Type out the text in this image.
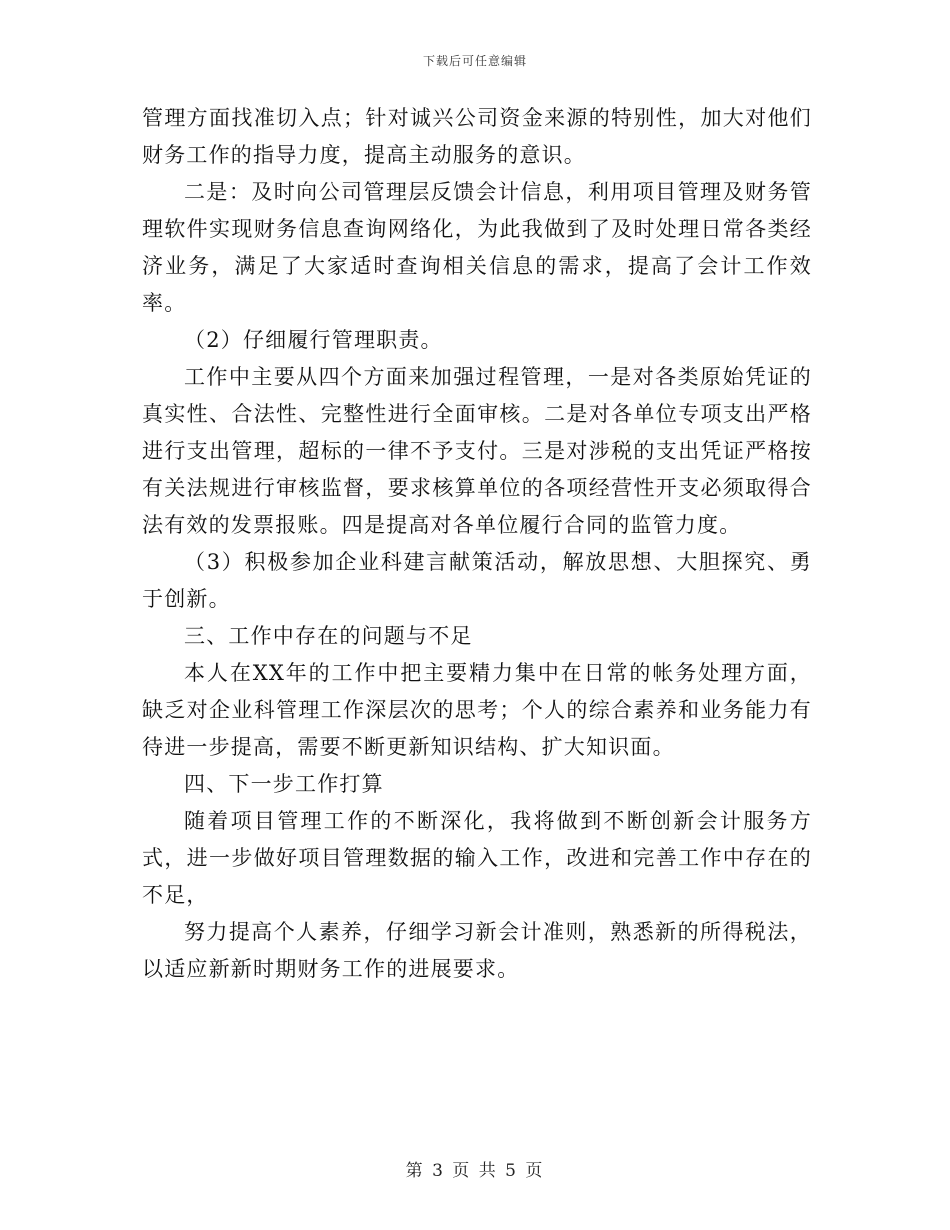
下载后可任意编辑

管理方面找准切入点；针对诚兴公司资金来源的特别性，加大对他们财务工作的指导力度，提高主动服务的意识。

二是：及时向公司管理层反馈会计信息，利用项目管理及财务管理软件实现财务信息查询网络化，为此我做到了及时处理日常各类经济业务，满足了大家适时查询相关信息的需求，提高了会计工作效率。

（2）仔细履行管理职责。

工作中主要从四个方面来加强过程管理，一是对各类原始凭证的真实性、合法性、完整性进行全面审核。二是对各单位专项支出严格进行支出管理，超标的一律不予支付。三是对涉税的支出凭证严格按有关法规进行审核监督，要求核算单位的各项经营性开支必须取得合法有效的发票报账。四是提高对各单位履行合同的监管力度。

（3）积极参加企业科建言献策活动，解放思想、大胆探究、勇于创新。

三、工作中存在的问题与不足

本人在XX年的工作中把主要精力集中在日常的帐务处理方面，缺乏对企业科管理工作深层次的思考；个人的综合素养和业务能力有待进一步提高，需要不断更新知识结构、扩大知识面。

四、下一步工作打算

随着项目管理工作的不断深化，我将做到不断创新会计服务方式，进一步做好项目管理数据的输入工作，改进和完善工作中存在的不足，

努力提高个人素养，仔细学习新会计准则，熟悉新的所得税法，以适应新新时期财务工作的进展要求。

第 3 页 共 5 页
